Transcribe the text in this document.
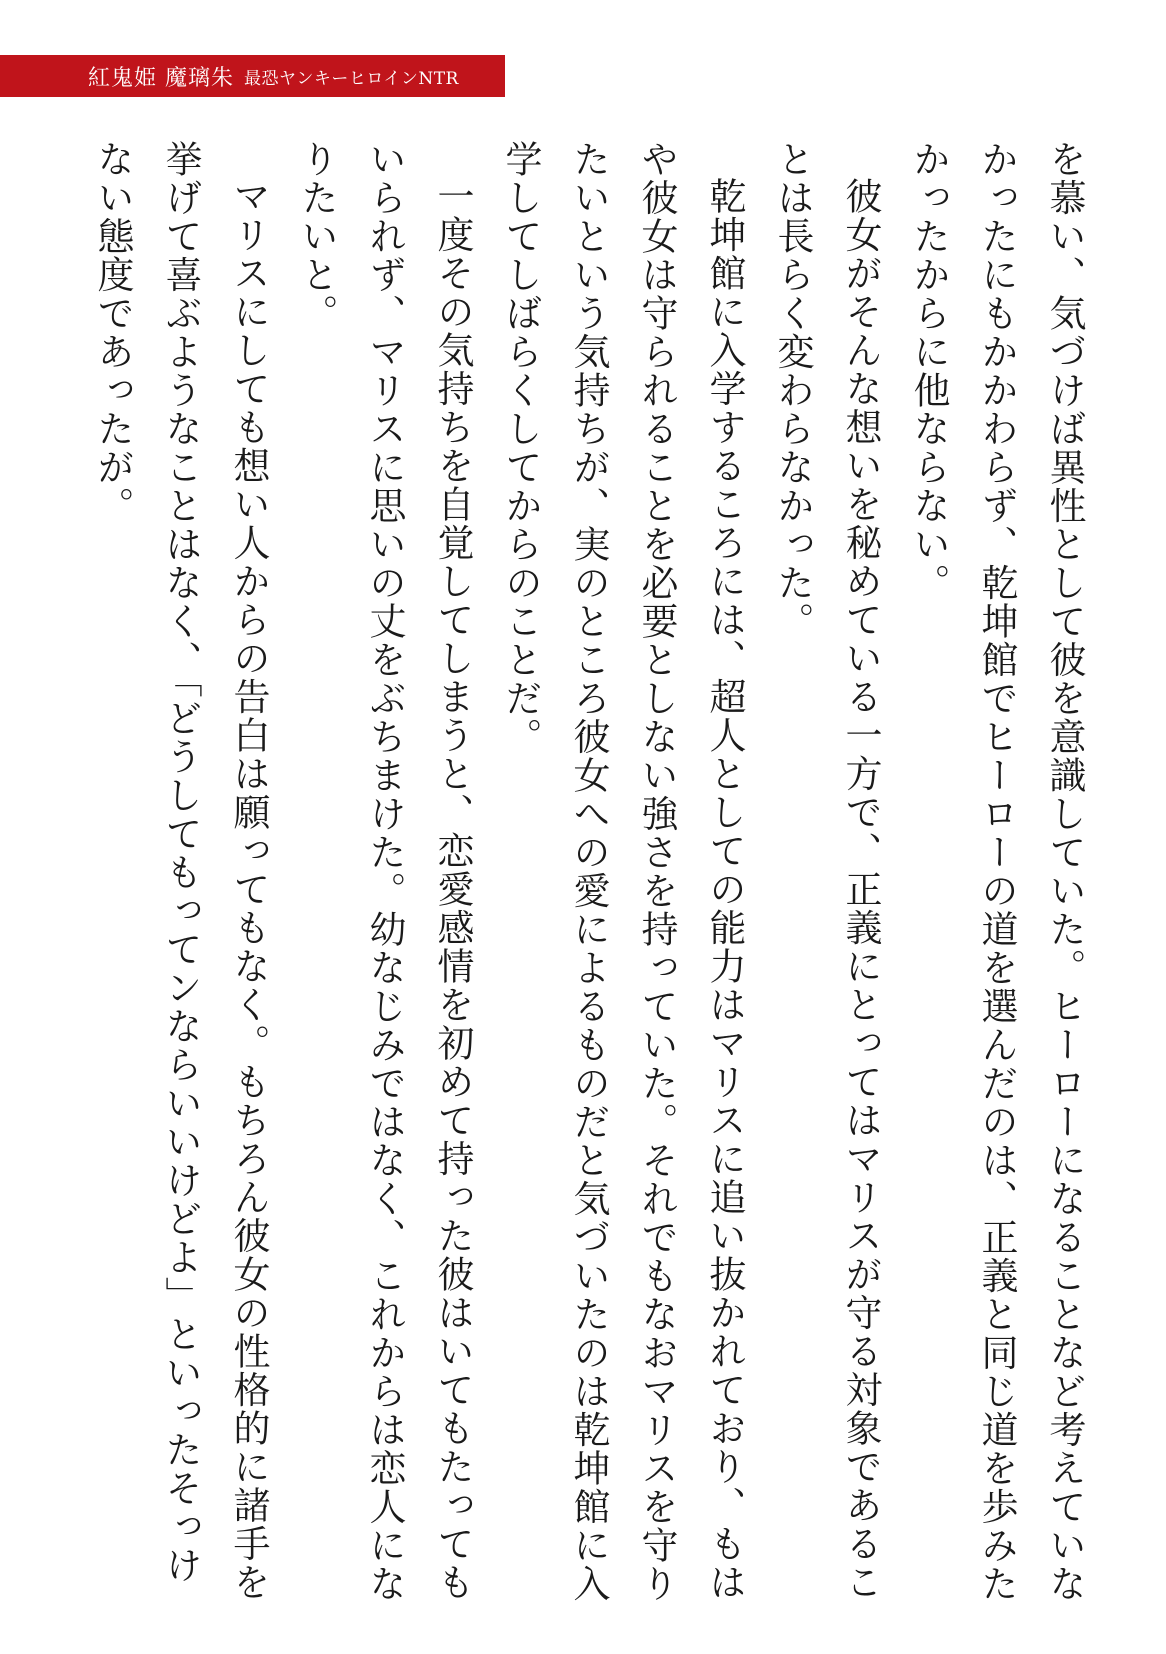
紅鬼姫 魔璃朱 最恐ヤンキーヒロインNTR

を慕い、気づけば異性として彼を意識していた。ヒーローになることなど考えていなかったにもかかわらず、乾坤館でヒーローの道を選んだのは、正義と同じ道を歩みたかったからに他ならない。

彼女がそんな想いを秘めている一方で、正義にとってはマリスが守る対象であることは長らく変わらなかった。

乾坤館に入学するころには、超人としての能力はマリスに追い抜かれており、もはや彼女は守られることを必要としない強さを持っていた。それでもなおマリスを守りたいという気持ちが、実のところ彼女への愛によるものだと気づいたのは乾坤館に入学してしばらくしてからのことだ。

一度その気持ちを自覚してしまうと、恋愛感情を初めて持った彼はいてもたってもいられず、マリスに思いの丈をぶちまけた。幼なじみではなく、これからは恋人になりたいと。

マリスにしても想い人からの告白は願ってもなく。もちろん彼女の性格的に諸手を挙げて喜ぶようなことはなく、「どうしてもってンならいいけどよ」といったそっけない態度であったが。
